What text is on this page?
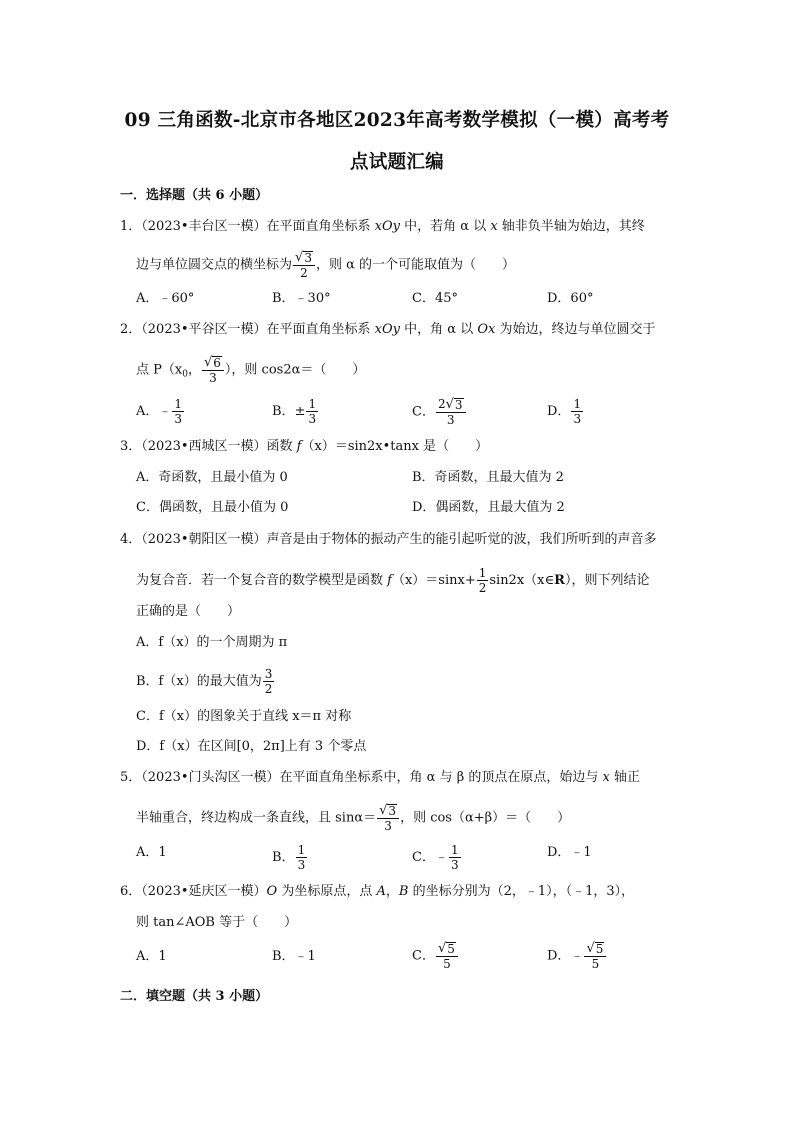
09 三角函数-北京市各地区2023年高考数学模拟（一模）高考考
点试题汇编
一．选择题（共 6 小题）
1．（2023•丰台区一模）在平面直角坐标系 xOy 中，若角 α 以 x 轴非负半轴为始边，其终
边与单位圆交点的横坐标为 $\frac{√ 3}{2}$ ，则 α 的一个可能取值为（　　）
A．﹣60°	B．﹣30°	C．45°	D．60°
2．（2023•平谷区一模）在平面直角坐标系 xOy 中，角 α 以 Ox 为始边，终边与单位圆交于
点 $P(x_0$， $\frac{√ 6}{3}$ ），则 cos2α＝（　　）
A．﹣ $\frac{1}{3}$	B．± $\frac{1}{3}$	C． $\frac{2 √ 3}{3}$	D． $\frac{1}{3}$
3．（2023•西城区一模）函数 f（x）＝sin2x•tanx 是（　　）
A．奇函数，且最小值为 0	B．奇函数，且最大值为 2
C．偶函数，且最小值为 0	D．偶函数，且最大值为 2
4．（2023•朝阳区一模）声音是由于物体的振动产生的能引起听觉的波，我们所听到的声音多
为复合音．若一个复合音的数学模型是函数 $f(x)=\sin x+ \frac{1}{2}$ sin2x（x∈R），则下列结论
正确的是（　　）
A．f（x）的一个周期为 π
B．f（x）的最大值为 $\frac{3}{2}$
C．f（x）的图象关于直线 x＝π 对称
D．f（x）在区间[0，2π]上有 3 个零点
5．（2023•门头沟区一模）在平面直角坐标系中，角 α 与 β 的顶点在原点，始边与 x 轴正
半轴重合，终边构成一条直线，且 $\sin\alpha= \frac{√ 3}{3}$ ，则 cos（α+β）＝（　　）
A．1	B． $\frac{1}{3}$	C．﹣ $\frac{1}{3}$	D．﹣1
6．（2023•延庆区一模）O 为坐标原点，点 A，B 的坐标分别为（2，﹣1），（﹣1，3），
则 tan∠AOB 等于（　　）
A．1	B．﹣1	C． $\frac{√ 5}{5}$	D．﹣ $\frac{√ 5}{5}$
二．填空题（共 3 小题）
